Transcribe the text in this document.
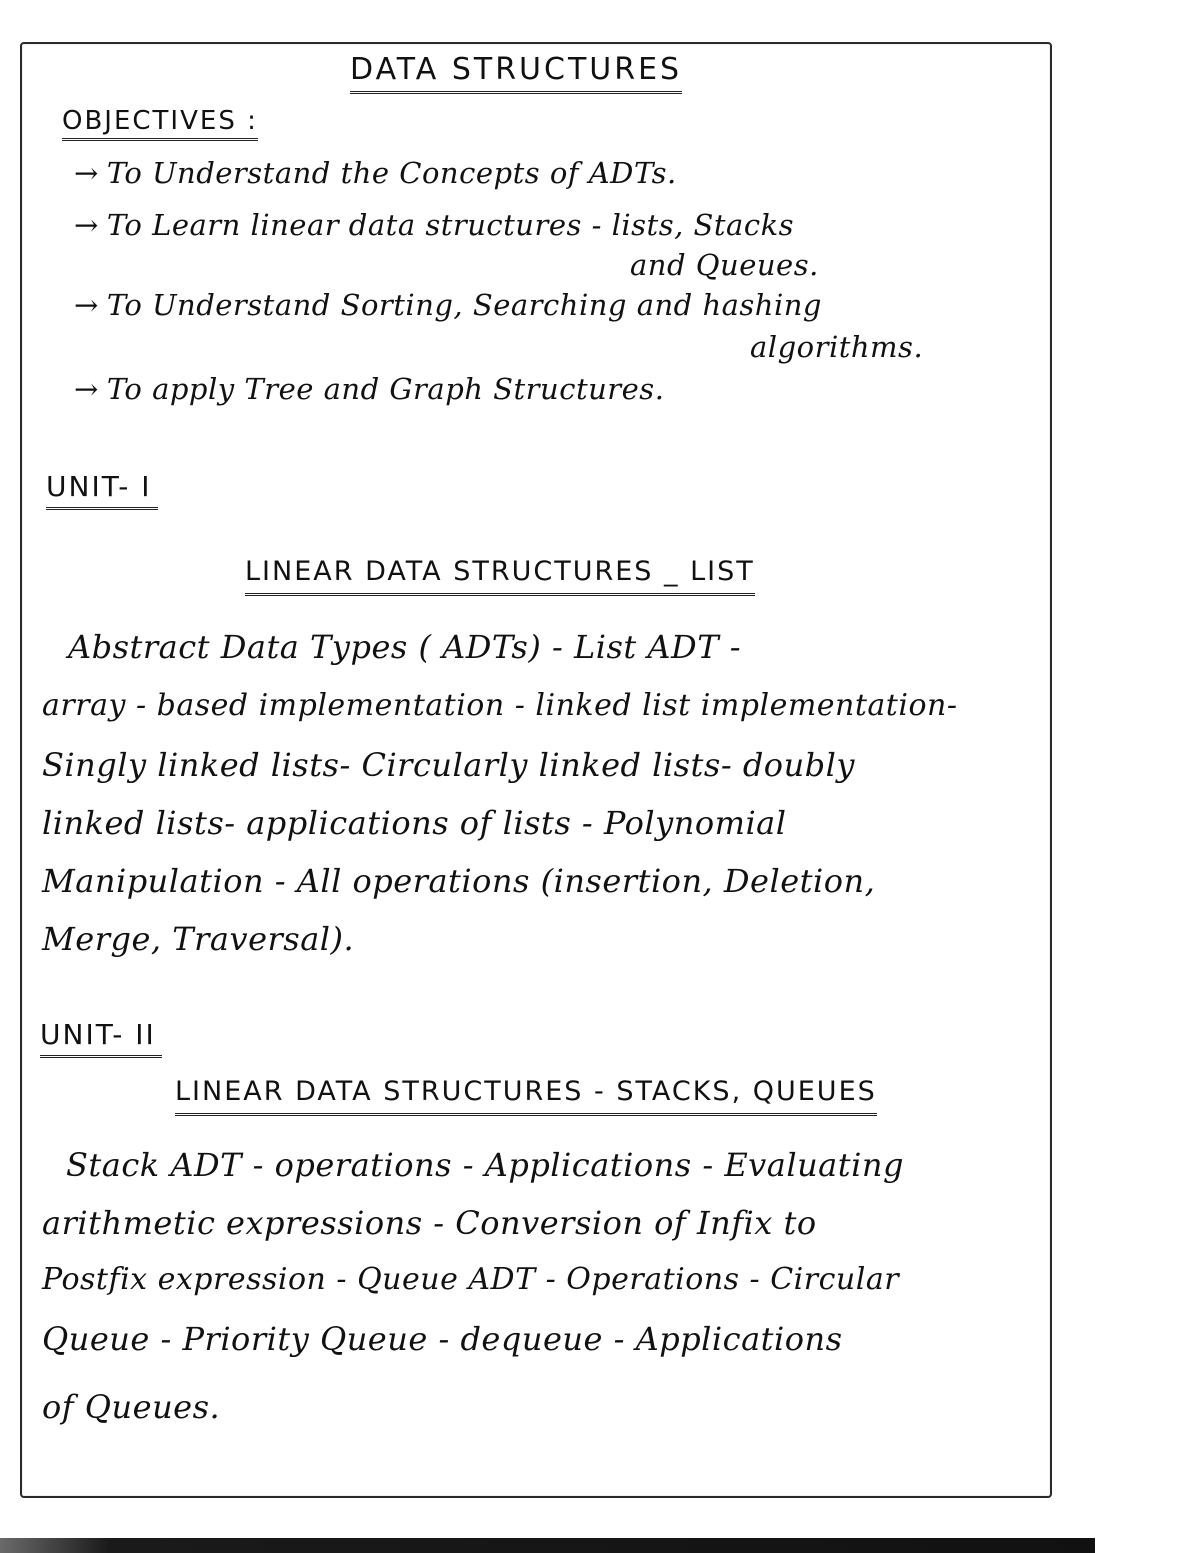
DATA STRUCTURES
OBJECTIVES :
→ To Understand the Concepts of ADTs.
→ To Learn linear data structures - lists, Stacks
and Queues.
→ To Understand Sorting, Searching and hashing
algorithms.
→ To apply Tree and Graph Structures.
UNIT- I
LINEAR DATA STRUCTURES _ LIST
Abstract Data Types ( ADTs) - List ADT -
array - based implementation - linked list implementation-
Singly linked lists- Circularly linked lists- doubly
linked lists- applications of lists - Polynomial
Manipulation - All operations (insertion, Deletion,
Merge, Traversal).
UNIT- II
LINEAR DATA STRUCTURES - STACKS, QUEUES
Stack ADT - operations - Applications - Evaluating
arithmetic expressions - Conversion of Infix to
Postfix expression - Queue ADT - Operations - Circular
Queue - Priority Queue - dequeue - Applications
of Queues.
